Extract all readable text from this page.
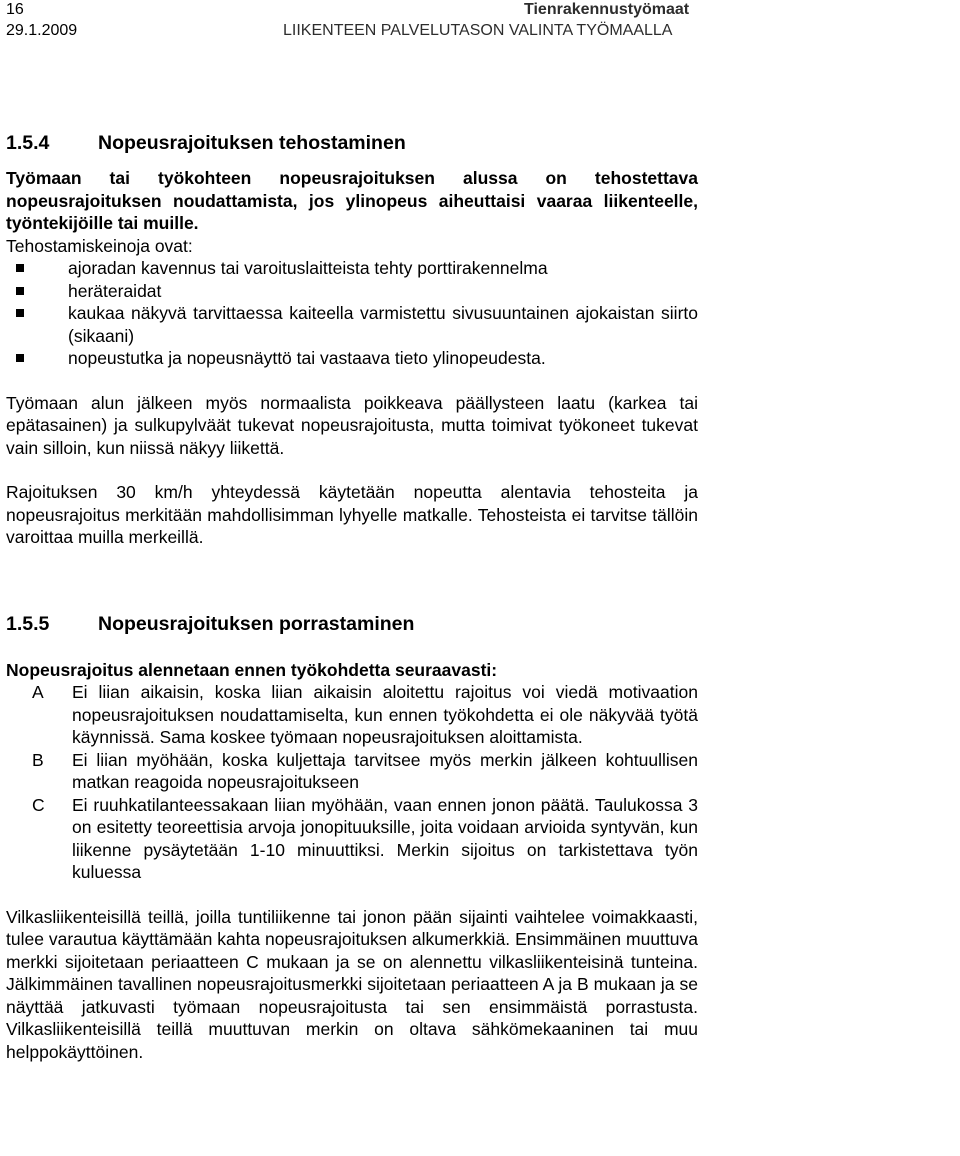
16
29.1.2009
Tienrakennustyömaat
LIIKENTEEN PALVELUTASON VALINTA TYÖMAALLA
1.5.4	Nopeusrajoituksen tehostaminen

Työmaan tai työkohteen nopeusrajoituksen alussa on tehostettava nopeusrajoituksen noudattamista, jos ylinopeus aiheuttaisi vaaraa liikenteelle, työntekijöille tai muille.

Tehostamiskeinoja ovat:

ajoradan kavennus tai varoituslaitteista tehty porttirakennelma
heräteraidat
kaukaa näkyvä tarvittaessa kaiteella varmistettu sivusuuntainen ajokaistan siirto (sikaani)
nopeustutka ja nopeusnäyttö tai vastaava tieto ylinopeudesta.

Työmaan alun jälkeen myös normaalista poikkeava päällysteen laatu (karkea tai epätasainen) ja sulkupylväät tukevat nopeusrajoitusta, mutta toimivat työkoneet tukevat vain silloin, kun niissä näkyy liikettä.

Rajoituksen 30 km/h yhteydessä käytetään nopeutta alentavia tehosteita ja nopeusrajoitus merkitään mahdollisimman lyhyelle matkalle. Tehosteista ei tarvitse tällöin varoittaa muilla merkeillä.

1.5.5	Nopeusrajoituksen porrastaminen

Nopeusrajoitus alennetaan ennen työkohdetta seuraavasti:

A Ei liian aikaisin, koska liian aikaisin aloitettu rajoitus voi viedä motivaation nopeusrajoituksen noudattamiselta, kun ennen työkohdetta ei ole näkyvää työtä käynnissä. Sama koskee työmaan nopeusrajoituksen aloittamista.
B Ei liian myöhään, koska kuljettaja tarvitsee myös merkin jälkeen kohtuullisen matkan reagoida nopeusrajoitukseen
C Ei ruuhkatilanteessakaan liian myöhään, vaan ennen jonon päätä. Taulukossa 3 on esitetty teoreettisia arvoja jonopituuksille, joita voidaan arvioida syntyvän, kun liikenne pysäytetään 1-10 minuuttiksi. Merkin sijoitus on tarkistettava työn kuluessa

Vilkasliikenteisillä teillä, joilla tuntiliikenne tai jonon pään sijainti vaihtelee voimakkaasti, tulee varautua käyttämään kahta nopeusrajoituksen alkumerkkiä. Ensimmäinen muuttuva merkki sijoitetaan periaatteen C mukaan ja se on alennettu vilkasliikenteisinä tunteina. Jälkimmäinen tavallinen nopeusrajoitusmerkki sijoitetaan periaatteen A ja B mukaan ja se näyttää jatkuvasti työmaan nopeusrajoitusta tai sen ensimmäistä porrastusta. Vilkasliikenteisillä teillä muuttuvan merkin on oltava sähkömekaaninen tai muu helppokäyttöinen.
